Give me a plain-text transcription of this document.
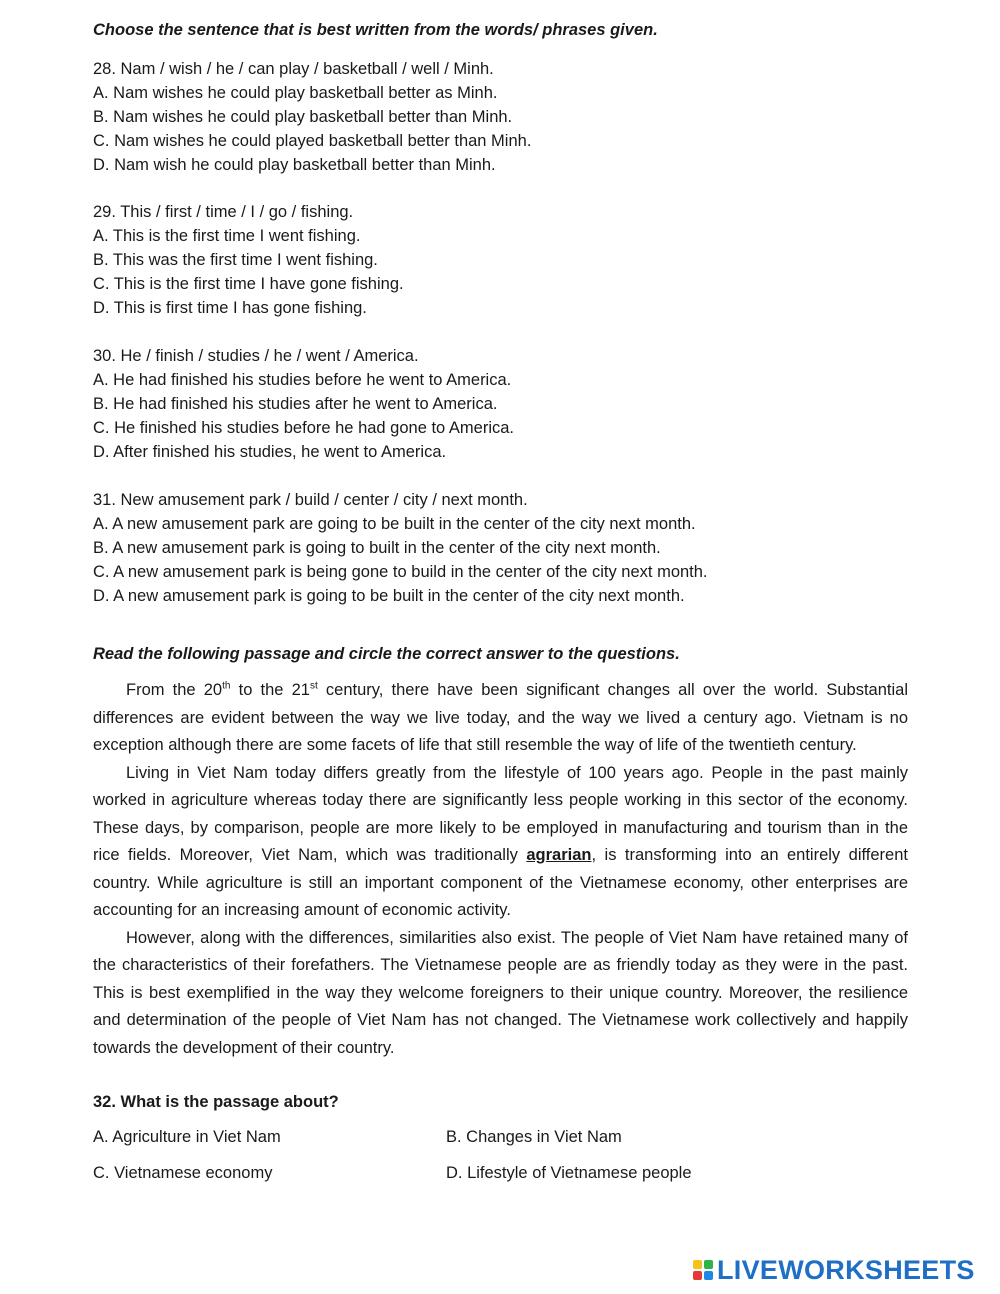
Choose the sentence that is best written from the words/ phrases given.

28. Nam / wish / he / can play / basketball / well / Minh.
A. Nam wishes he could play basketball better as Minh.
B. Nam wishes he could play basketball better than Minh.
C. Nam wishes he could played basketball better than Minh.
D. Nam wish he could play basketball better than Minh.
29. This / first / time / I / go / fishing.
A. This is the first time I went fishing.
B. This was the first time I went fishing.
C. This is the first time I have gone fishing.
D. This is first time I has gone fishing.
30. He / finish / studies / he / went / America.
A. He had finished his studies before he went to America.
B. He had finished his studies after he went to America.
C. He finished his studies before he had gone to America.
D. After finished his studies, he went to America.
31. New amusement park / build / center / city / next month.
A. A new amusement park are going to be built in the center of the city next month.
B. A new amusement park is going to built in the center of the city next month.
C. A new amusement park is being gone to build in the center of the city next month.
D. A new amusement park is going to be built in the center of the city next month.

Read the following passage and circle the correct answer to the questions.

From the 20th to the 21st century, there have been significant changes all over the world. Substantial differences are evident between the way we live today, and the way we lived a century ago. Vietnam is no exception although there are some facets of life that still resemble the way of life of the twentieth century.

Living in Viet Nam today differs greatly from the lifestyle of 100 years ago. People in the past mainly worked in agriculture whereas today there are significantly less people working in this sector of the economy. These days, by comparison, people are more likely to be employed in manufacturing and tourism than in the rice fields. Moreover, Viet Nam, which was traditionally agrarian, is transforming into an entirely different country. While agriculture is still an important component of the Vietnamese economy, other enterprises are accounting for an increasing amount of economic activity.

However, along with the differences, similarities also exist. The people of Viet Nam have retained many of the characteristics of their forefathers. The Vietnamese people are as friendly today as they were in the past. This is best exemplified in the way they welcome foreigners to their unique country. Moreover, the resilience and determination of the people of Viet Nam has not changed. The Vietnamese work collectively and happily towards the development of their country.

32. What is the passage about?
A. Agriculture in Viet Nam	B. Changes in Viet Nam
C. Vietnamese economy	D. Lifestyle of Vietnamese people
LIVEWORKSHEETS
